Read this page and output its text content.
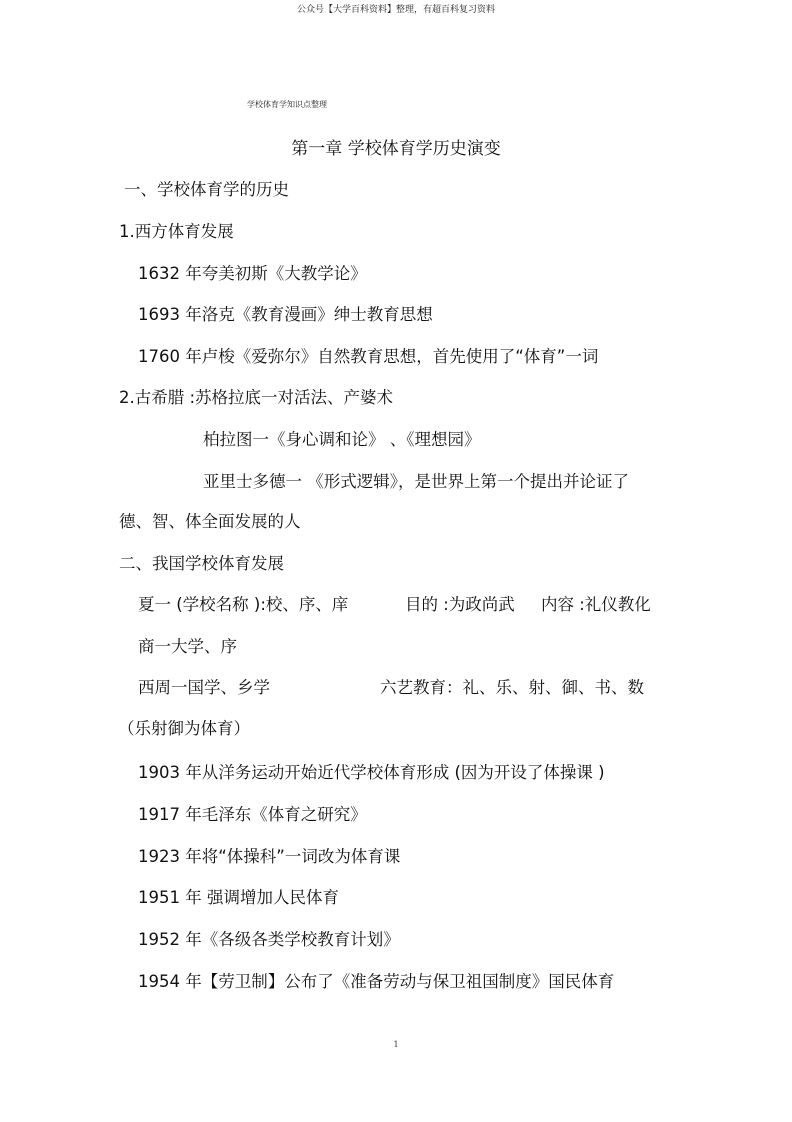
公众号【大学百科资料】整理，有超百科复习资料
学校体育学知识点整理
第一章 学校体育学历史演变
一、学校体育学的历史
1.西方体育发展
1632 年夸美初斯《大教学论》
1693 年洛克《教育漫画》绅士教育思想
1760 年卢梭《爱弥尔》自然教育思想，首先使用了“体育”一词
2.古希腊 :苏格拉底一对活法、产婆术
柏拉图一《身心调和论》 、《理想园》
亚里士多德一 《形式逻辑》，是世界上第一个提出并论证了
德、智、体全面发展的人
二、我国学校体育发展
夏一 (学校名称 ):校、序、庠	目的 :为政尚武 内容 :礼仪教化
商一大学、序
西周一国学、乡学	六艺教育：礼、乐、射、御、书、数
（乐射御为体育）
1903 年从洋务运动开始近代学校体育形成 (因为开设了体操课 )
1917 年毛泽东《体育之研究》
1923 年将“体操科”一词改为体育课
1951 年 强调增加人民体育
1952 年《各级各类学校教育计划》
1954 年【劳卫制】公布了《准备劳动与保卫祖国制度》国民体育
1
